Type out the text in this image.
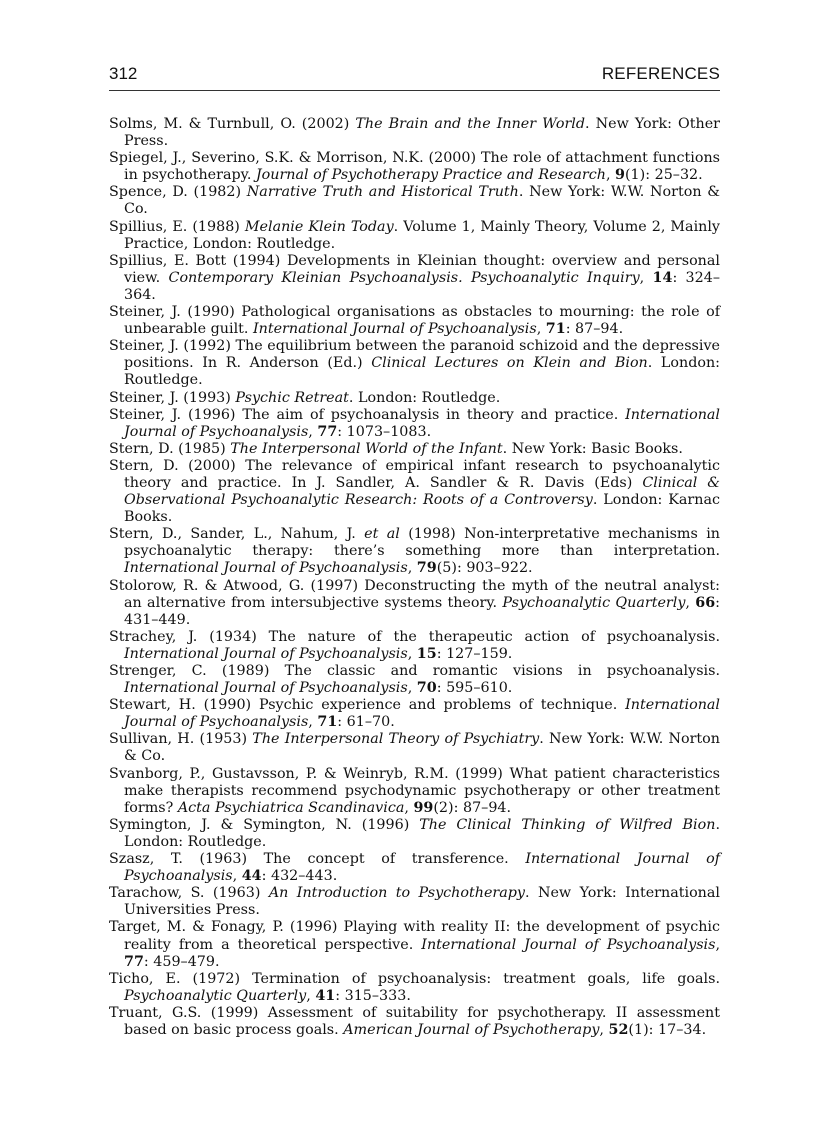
312	REFERENCES
Solms, M. & Turnbull, O. (2002) The Brain and the Inner World. New York: Other Press.
Spiegel, J., Severino, S.K. & Morrison, N.K. (2000) The role of attachment functions in psychotherapy. Journal of Psychotherapy Practice and Research, 9(1): 25–32.
Spence, D. (1982) Narrative Truth and Historical Truth. New York: W.W. Norton & Co.
Spillius, E. (1988) Melanie Klein Today. Volume 1, Mainly Theory, Volume 2, Mainly Practice, London: Routledge.
Spillius, E. Bott (1994) Developments in Kleinian thought: overview and personal view. Contemporary Kleinian Psychoanalysis. Psychoanalytic Inquiry, 14: 324–364.
Steiner, J. (1990) Pathological organisations as obstacles to mourning: the role of unbearable guilt. International Journal of Psychoanalysis, 71: 87–94.
Steiner, J. (1992) The equilibrium between the paranoid schizoid and the depressive positions. In R. Anderson (Ed.) Clinical Lectures on Klein and Bion. London: Routledge.
Steiner, J. (1993) Psychic Retreat. London: Routledge.
Steiner, J. (1996) The aim of psychoanalysis in theory and practice. International Journal of Psychoanalysis, 77: 1073–1083.
Stern, D. (1985) The Interpersonal World of the Infant. New York: Basic Books.
Stern, D. (2000) The relevance of empirical infant research to psychoanalytic theory and practice. In J. Sandler, A. Sandler & R. Davis (Eds) Clinical & Observational Psychoanalytic Research: Roots of a Controversy. London: Karnac Books.
Stern, D., Sander, L., Nahum, J. et al (1998) Non-interpretative mechanisms in psychoanalytic therapy: there’s something more than interpretation. International Journal of Psychoanalysis, 79(5): 903–922.
Stolorow, R. & Atwood, G. (1997) Deconstructing the myth of the neutral analyst: an alternative from intersubjective systems theory. Psychoanalytic Quarterly, 66: 431–449.
Strachey, J. (1934) The nature of the therapeutic action of psychoanalysis. International Journal of Psychoanalysis, 15: 127–159.
Strenger, C. (1989) The classic and romantic visions in psychoanalysis. International Journal of Psychoanalysis, 70: 595–610.
Stewart, H. (1990) Psychic experience and problems of technique. International Journal of Psychoanalysis, 71: 61–70.
Sullivan, H. (1953) The Interpersonal Theory of Psychiatry. New York: W.W. Norton & Co.
Svanborg, P., Gustavsson, P. & Weinryb, R.M. (1999) What patient characteristics make therapists recommend psychodynamic psychotherapy or other treatment forms? Acta Psychiatrica Scandinavica, 99(2): 87–94.
Symington, J. & Symington, N. (1996) The Clinical Thinking of Wilfred Bion. London: Routledge.
Szasz, T. (1963) The concept of transference. International Journal of Psychoanalysis, 44: 432–443.
Tarachow, S. (1963) An Introduction to Psychotherapy. New York: International Universities Press.
Target, M. & Fonagy, P. (1996) Playing with reality II: the development of psychic reality from a theoretical perspective. International Journal of Psychoanalysis, 77: 459–479.
Ticho, E. (1972) Termination of psychoanalysis: treatment goals, life goals. Psychoanalytic Quarterly, 41: 315–333.
Truant, G.S. (1999) Assessment of suitability for psychotherapy. II assessment based on basic process goals. American Journal of Psychotherapy, 52(1): 17–34.
